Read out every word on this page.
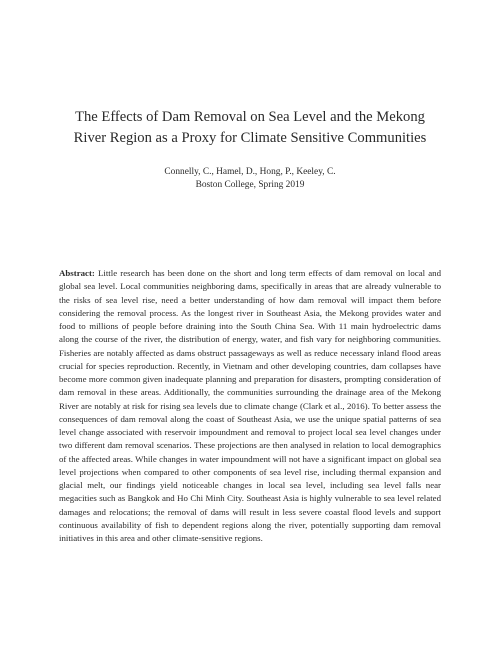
The Effects of Dam Removal on Sea Level and the Mekong
River Region as a Proxy for Climate Sensitive Communities
Connelly, C., Hamel, D., Hong, P., Keeley, C.
Boston College, Spring 2019

Abstract: Little research has been done on the short and long term effects of dam removal on local and global sea level. Local communities neighboring dams, specifically in areas that are already vulnerable to the risks of sea level rise, need a better understanding of how dam removal will impact them before considering the removal process. As the longest river in Southeast Asia, the Mekong provides water and food to millions of people before draining into the South China Sea. With 11 main hydroelectric dams along the course of the river, the distribution of energy, water, and fish vary for neighboring communities. Fisheries are notably affected as dams obstruct passageways as well as reduce necessary inland flood areas crucial for species reproduction. Recently, in Vietnam and other developing countries, dam collapses have become more common given inadequate planning and preparation for disasters, prompting consideration of dam removal in these areas. Additionally, the communities surrounding the drainage area of the Mekong River are notably at risk for rising sea levels due to climate change (Clark et al., 2016). To better assess the consequences of dam removal along the coast of Southeast Asia, we use the unique spatial patterns of sea level change associated with reservoir impoundment and removal to project local sea level changes under two different dam removal scenarios. These projections are then analysed in relation to local demographics of the affected areas. While changes in water impoundment will not have a significant impact on global sea level projections when compared to other components of sea level rise, including thermal expansion and glacial melt, our findings yield noticeable changes in local sea level, including sea level falls near megacities such as Bangkok and Ho Chi Minh City. Southeast Asia is highly vulnerable to sea level related damages and relocations; the removal of dams will result in less severe coastal flood levels and support continuous availability of fish to dependent regions along the river, potentially supporting dam removal initiatives in this area and other climate-sensitive regions.
